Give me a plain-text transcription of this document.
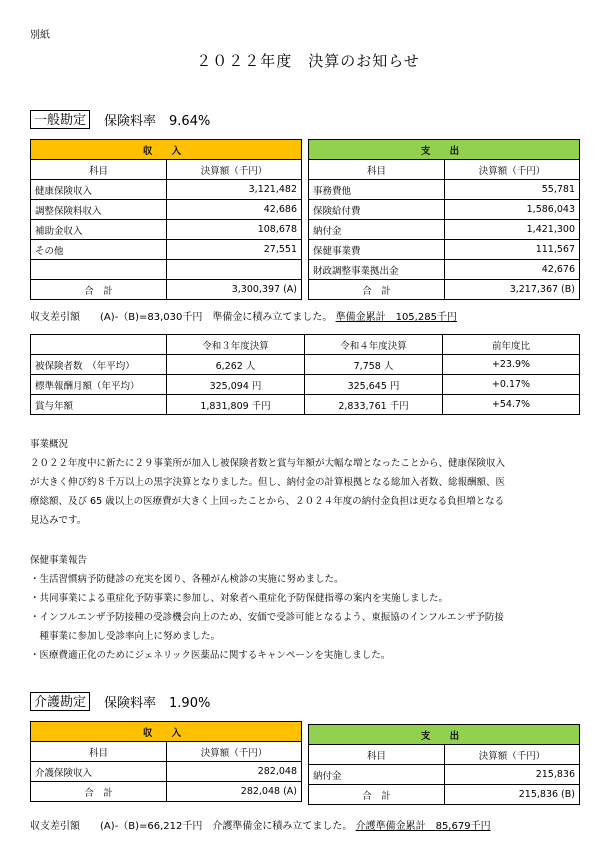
別紙
２０２２年度　決算のお知らせ
一般勘定	保険料率　9.64%
収 入	
科目	決算額（千円）
健康保険収入	3,121,482
調整保険料収入	42,686
補助金収入	108,678
その他	27,551

合　計	3,300,397 (A)
支 出	
科目	決算額（千円）
事務費他	55,781
保険給付費	1,586,043
納付金	1,421,300
保健事業費	111,567
財政調整事業拠出金	42,676
合　計	3,217,367 (B)
収支差引額　　(A)-（B)=83,030千円　準備金に積み立てました。 準備金累計　105,285千円
	令和３年度決算	令和４年度決算	前年度比
被保険者数　（年平均）	6,262 人	7,758 人	+23.9%
標準報酬月額（年平均）	325,094 円	325,645 円	+0.17%
賞与年額	1,831,809 千円	2,833,761 千円	+54.7%
事業概況
２０２２年度中に新たに２９事業所が加入し被保険者数と賞与年額が大幅な増となったことから、健康保険収入
が大きく伸び約８千万以上の黒字決算となりました。但し、納付金の計算根拠となる総加入者数、総報酬額、医
療総額、及び 65 歳以上の医療費が大きく上回ったことから、２０２４年度の納付金負担は更なる負担増となる
見込みです。
保健事業報告
・生活習慣病予防健診の充実を図り、各種がん検診の実施に努めました。
・共同事業による重症化予防事業に参加し、対象者へ重症化予防保健指導の案内を実施しました。
・インフルエンザ予防接種の受診機会向上のため、安価で受診可能となるよう、東振協のインフルエンザ予防接
　種事業に参加し受診率向上に努めました。
・医療費適正化のためにジェネリック医薬品に関するキャンペーンを実施しました。
介護勘定	保険料率　1.90%
収 入	
科目	決算額（千円）
介護保険収入	282,048
合　計	282,048 (A)
支 出	
科目	決算額（千円）
納付金	215,836
合　計	215,836 (B)
収支差引額　　(A)-（B)=66,212千円　介護準備金に積み立てました。 介護準備金累計　85,679千円
